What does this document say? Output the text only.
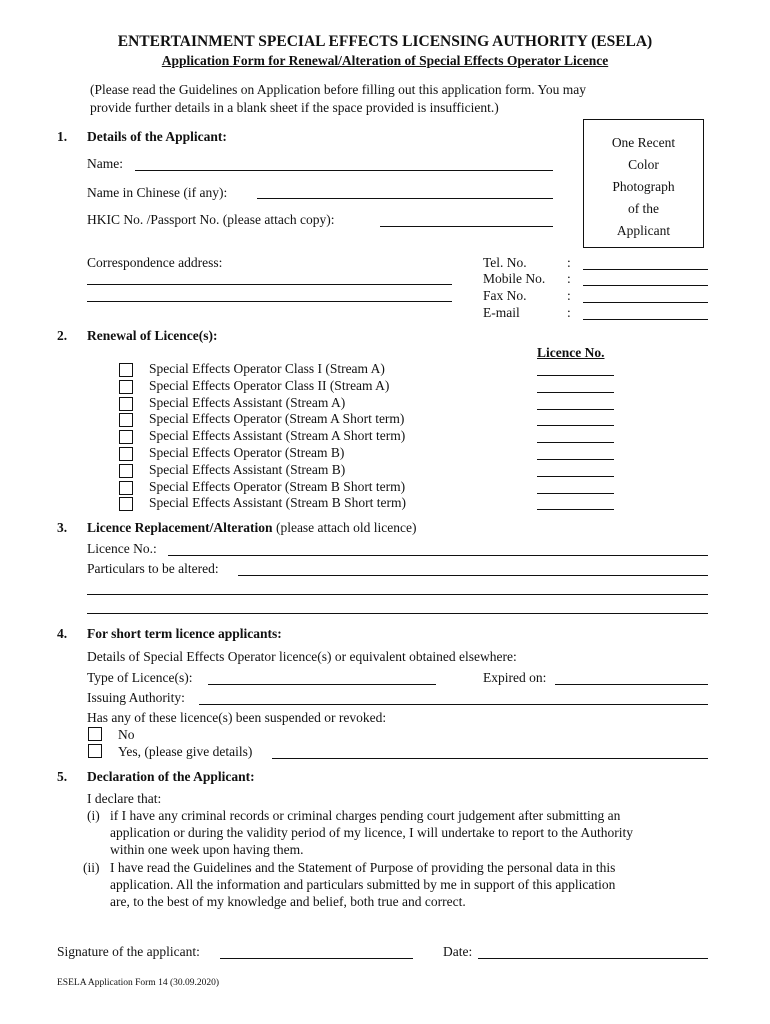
ENTERTAINMENT SPECIAL EFFECTS LICENSING AUTHORITY (ESELA)
Application Form for Renewal/Alteration of Special Effects Operator Licence
(Please read the Guidelines on Application before filling out this application form. You may
provide further details in a blank sheet if the space provided is insufficient.)
One Recent
Color
Photograph
of the
Applicant
1. Details of the Applicant:
Name:
Name in Chinese (if any):
HKIC No. /Passport No. (please attach copy):
Correspondence address:	Tel. No.	:
Mobile No. :
Fax No.	:
E-mail	:
2. Renewal of Licence(s):
Licence No.
Special Effects Operator Class I (Stream A)
Special Effects Operator Class II (Stream A)
Special Effects Assistant (Stream A)
Special Effects Operator (Stream A Short term)
Special Effects Assistant (Stream A Short term)
Special Effects Operator (Stream B)
Special Effects Assistant (Stream B)
Special Effects Operator (Stream B Short term)
Special Effects Assistant (Stream B Short term)
3. Licence Replacement/Alteration (please attach old licence)
Licence No.:
Particulars to be altered:
4. For short term licence applicants:
Details of Special Effects Operator licence(s) or equivalent obtained elsewhere:
Type of Licence(s):	Expired on:
Issuing Authority:
Has any of these licence(s) been suspended or revoked:
No
Yes, (please give details)
5. Declaration of the Applicant:
I declare that:
(i) if I have any criminal records or criminal charges pending court judgement after submitting an
application or during the validity period of my licence, I will undertake to report to the Authority
within one week upon having them.
(ii) I have read the Guidelines and the Statement of Purpose of providing the personal data in this
application. All the information and particulars submitted by me in support of this application
are, to the best of my knowledge and belief, both true and correct.
Signature of the applicant:	Date:
ESELA Application Form 14 (30.09.2020)
